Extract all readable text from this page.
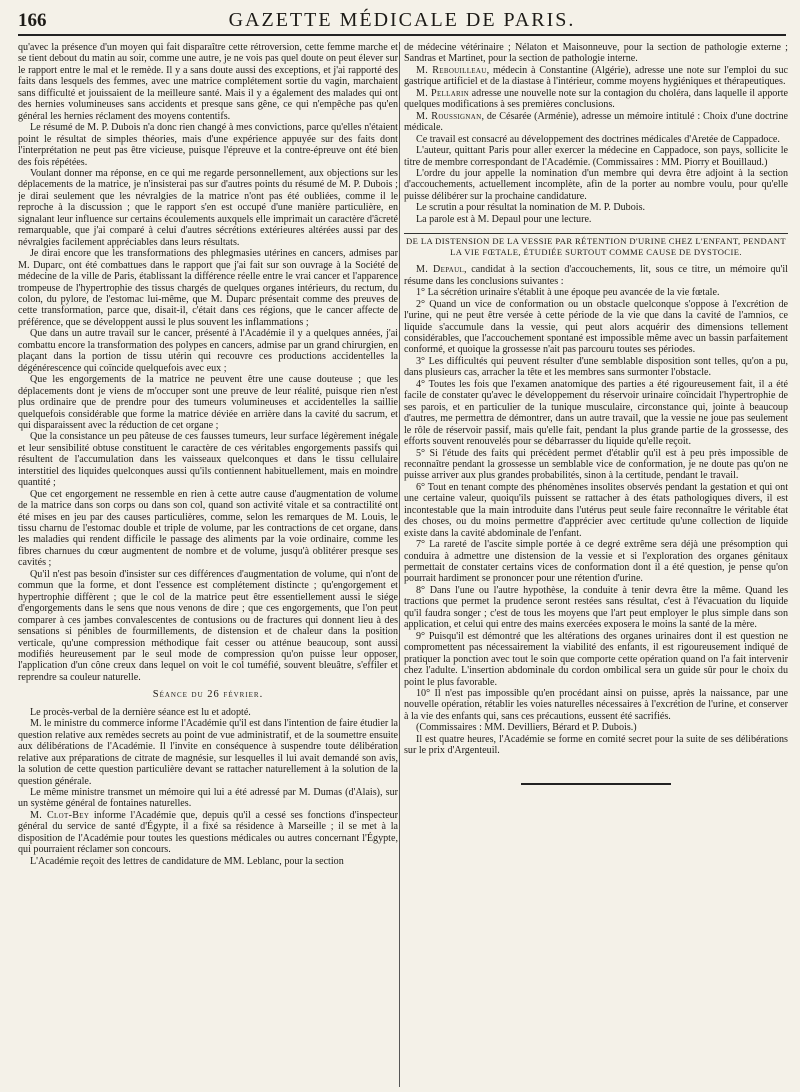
166	GAZETTE MÉDICALE DE PARIS.

qu'avec la présence d'un moyen qui fait disparaître cette rétroversion, cette femme marche et se tient debout du matin au soir, comme une autre, je ne vois pas quel doute on peut élever sur le rapport entre le mal et le remède. Il y a sans doute aussi des exceptions, et j'ai rapporté des faits dans lesquels des femmes, avec une matrice complétement sortie du vagin, marchaient sans difficulté et jouissaient de la meilleure santé. Mais il y a également des malades qui ont des hernies volumineuses sans accidents et presque sans gêne, ce qui n'empêche pas qu'en général les hernies réclament des moyens contentifs.

Le résumé de M. P. Dubois n'a donc rien changé à mes convictions, parce qu'elles n'étaient point le résultat de simples théories, mais d'une expérience appuyée sur des faits dont l'interprétation ne peut pas être vicieuse, puisque l'épreuve et la contre-épreuve ont été bien des fois répétées.

Voulant donner ma réponse, en ce qui me regarde personnellement, aux objections sur les déplacements de la matrice, je n'insisterai pas sur d'autres points du résumé de M. P. Dubois ; je dirai seulement que les névralgies de la matrice n'ont pas été oubliées, comme il le reproche à la discussion ; que le rapport s'en est occupé d'une manière particulière, en signalant leur influence sur certains écoulements auxquels elle imprimait un caractère d'âcreté remarquable, que j'ai comparé à celui d'autres sécrétions extérieures altérées aussi par des névralgies facilement appréciables dans leurs résultats.

Je dirai encore que les transformations des phlegmasies utérines en cancers, admises par M. Duparc, ont été combattues dans le rapport que j'ai fait sur son ouvrage à la Société de médecine de la ville de Paris, établissant la différence réelle entre le vrai cancer et l'apparence trompeuse de l'hypertrophie des tissus chargés de quelques organes intérieurs, du rectum, du colon, du pylore, de l'estomac lui-même, que M. Duparc présentait comme des preuves de cette transformation, parce que, disait-il, c'était dans ces régions, que le cancer affecte de préférence, que se développent aussi le plus souvent les inflammations ;

Que dans un autre travail sur le cancer, présenté à l'Académie il y a quelques années, j'ai combattu encore la transformation des polypes en cancers, admise par un grand chirurgien, en plaçant dans la portion de tissu utérin qui recouvre ces productions accidentelles la dégénérescence qui coïncide quelquefois avec eux ;

Que les engorgements de la matrice ne peuvent être une cause douteuse ; que les déplacements dont je viens de m'occuper sont une preuve de leur réalité, puisque rien n'est plus ordinaire que de prendre pour des tumeurs volumineuses et accidentelles la saillie quelquefois considérable que forme la matrice déviée en arrière dans la cavité du sacrum, et qui disparaissent avec la réduction de cet organe ;

Que la consistance un peu pâteuse de ces fausses tumeurs, leur surface légèrement inégale et leur sensibilité obtuse constituent le caractère de ces véritables engorgements passifs qui résultent de l'accumulation dans les vaisseaux quelconques et dans le tissu cellulaire interstitiel des liquides quelconques aussi qu'ils contiennent habituellement, mais en moindre quantité ;

Que cet engorgement ne ressemble en rien à cette autre cause d'augmentation de volume de la matrice dans son corps ou dans son col, quand son activité vitale et sa contractilité ont été mises en jeu par des causes particulières, comme, selon les remarques de M. Louis, le tissu charnu de l'estomac double et triple de volume, par les contractions de cet organe, dans les maladies qui rendent difficile le passage des aliments par la voie ordinaire, comme les fibres charnues du cœur augmentent de nombre et de volume, jusqu'à oblitérer presque ses cavités ;

Qu'il n'est pas besoin d'insister sur ces différences d'augmentation de volume, qui n'ont de commun que la forme, et dont l'essence est complétement distincte ; qu'engorgement et hypertrophie diffèrent ; que le col de la matrice peut être essentiellement aussi le siége d'engorgements dans le sens que nous venons de dire ; que ces engorgements, que l'on peut comparer à ces jambes convalescentes de contusions ou de fractures qui donnent lieu à des sensations si pénibles de fourmillements, de distension et de chaleur dans la position verticale, qu'une compression méthodique fait cesser ou atténue beaucoup, sont aussi modifiés heureusement par le seul mode de compression qu'on puisse leur opposer, l'application d'un cône creux dans lequel on voit le col tuméfié, souvent bleuâtre, s'effiler et reprendre sa couleur naturelle.

Séance du 26 février.

Le procès-verbal de la dernière séance est lu et adopté.

M. le ministre du commerce informe l'Académie qu'il est dans l'intention de faire étudier la question relative aux remèdes secrets au point de vue administratif, et de la soumettre ensuite aux délibérations de l'Académie. Il l'invite en conséquence à suspendre toute délibération relative aux préparations de citrate de magnésie, sur lesquelles il lui avait demandé son avis, la solution de cette question particulière devant se rattacher naturellement à la solution de la question générale.

Le même ministre transmet un mémoire qui lui a été adressé par M. Dumas (d'Alais), sur un système général de fontaines naturelles.

M. Clot-Bey informe l'Académie que, depuis qu'il a cessé ses fonctions d'inspecteur général du service de santé d'Égypte, il a fixé sa résidence à Marseille ; il se met à la disposition de l'Académie pour toutes les questions médicales ou autres concernant l'Égypte, qui pourraient réclamer son concours.

L'Académie reçoit des lettres de candidature de MM. Leblanc, pour la section

de médecine vétérinaire ; Nélaton et Maisonneuve, pour la section de pathologie externe ; Sandras et Martinet, pour la section de pathologie interne.

M. Rebouilleau, médecin à Constantine (Algérie), adresse une note sur l'emploi du suc gastrique artificiel et de la diastase à l'intérieur, comme moyens hygiéniques et thérapeutiques.

M. Pellarin adresse une nouvelle note sur la contagion du choléra, dans laquelle il apporte quelques modifications à ses premières conclusions.

M. Roussignan, de Césarée (Arménie), adresse un mémoire intitulé : Choix d'une doctrine médicale.

Ce travail est consacré au développement des doctrines médicales d'Aretée de Cappadoce.

L'auteur, quittant Paris pour aller exercer la médecine en Cappadoce, son pays, sollicite le titre de membre correspondant de l'Académie. (Commissaires : MM. Piorry et Bouillaud.)

L'ordre du jour appelle la nomination d'un membre qui devra être adjoint à la section d'accouchements, actuellement incomplète, afin de la porter au nombre voulu, pour qu'elle puisse délibérer sur la prochaine candidature.

Le scrutin a pour résultat la nomination de M. P. Dubois.

La parole est à M. Depaul pour une lecture.

DE LA DISTENSION DE LA VESSIE PAR RÉTENTION D'URINE CHEZ L'ENFANT, PENDANT LA VIE FŒTALE, ÉTUDIÉE SURTOUT COMME CAUSE DE DYSTOCIE.

M. Depaul, candidat à la section d'accouchements, lit, sous ce titre, un mémoire qu'il résume dans les conclusions suivantes :

1° La sécrétion urinaire s'établit à une époque peu avancée de la vie fœtale.

2° Quand un vice de conformation ou un obstacle quelconque s'oppose à l'excrétion de l'urine, qui ne peut être versée à cette période de la vie que dans la cavité de l'amnios, ce liquide s'accumule dans la vessie, qui peut alors acquérir des dimensions tellement considérables, que l'accouchement spontané est impossible même avec un bassin parfaitement conformé, et quoique la grossesse n'ait pas parcouru toutes ses périodes.

3° Les difficultés qui peuvent résulter d'une semblable disposition sont telles, qu'on a pu, dans plusieurs cas, arracher la tête et les membres sans surmonter l'obstacle.

4° Toutes les fois que l'examen anatomique des parties a été rigoureusement fait, il a été facile de constater qu'avec le développement du réservoir urinaire coïncidait l'hypertrophie de ses parois, et en particulier de la tunique musculaire, circonstance qui, jointe à beaucoup d'autres, me permettra de démontrer, dans un autre travail, que la vessie ne joue pas seulement le rôle de réservoir passif, mais qu'elle fait, pendant la plus grande partie de la grossesse, des efforts souvent renouvelés pour se débarrasser du liquide qu'elle reçoit.

5° Si l'étude des faits qui précèdent permet d'établir qu'il est à peu près impossible de reconnaître pendant la grossesse un semblable vice de conformation, je ne doute pas qu'on ne puisse arriver aux plus grandes probabilités, sinon à la certitude, pendant le travail.

6° Tout en tenant compte des phénomènes insolites observés pendant la gestation et qui ont une certaine valeur, quoiqu'ils puissent se rattacher à des états pathologiques divers, il est incontestable que la main introduite dans l'utérus peut seule faire reconnaître le véritable état des choses, ou du moins permettre d'apprécier avec certitude qu'une collection de liquide existe dans la cavité abdominale de l'enfant.

7° La rareté de l'ascite simple portée à ce degré extrême sera déjà une présomption qui conduira à admettre une distension de la vessie et si l'exploration des organes génitaux permettait de constater certains vices de conformation dont il a été question, je pense qu'on pourrait hardiment se prononcer pour une rétention d'urine.

8° Dans l'une ou l'autre hypothèse, la conduite à tenir devra être la même. Quand les tractions que permet la prudence seront restées sans résultat, c'est à l'évacuation du liquide qu'il faudra songer ; c'est de tous les moyens que l'art peut employer le plus simple dans son application, et celui qui entre des mains exercées exposera le moins la santé de la mère.

9° Puisqu'il est démontré que les altérations des organes urinaires dont il est question ne compromettent pas nécessairement la viabilité des enfants, il est rigoureusement indiqué de pratiquer la ponction avec tout le soin que comporte cette opération quand on l'a fait intervenir chez l'adulte. L'insertion abdominale du cordon ombilical sera un guide sûr pour le choix du point le plus favorable.

10° Il n'est pas impossible qu'en procédant ainsi on puisse, après la naissance, par une nouvelle opération, rétablir les voies naturelles nécessaires à l'excrétion de l'urine, et conserver à la vie des enfants qui, sans ces précautions, eussent été sacrifiés.

(Commissaires : MM. Devilliers, Bérard et P. Dubois.)

Il est quatre heures, l'Académie se forme en comité secret pour la suite de ses délibérations sur le prix d'Argenteuil.
